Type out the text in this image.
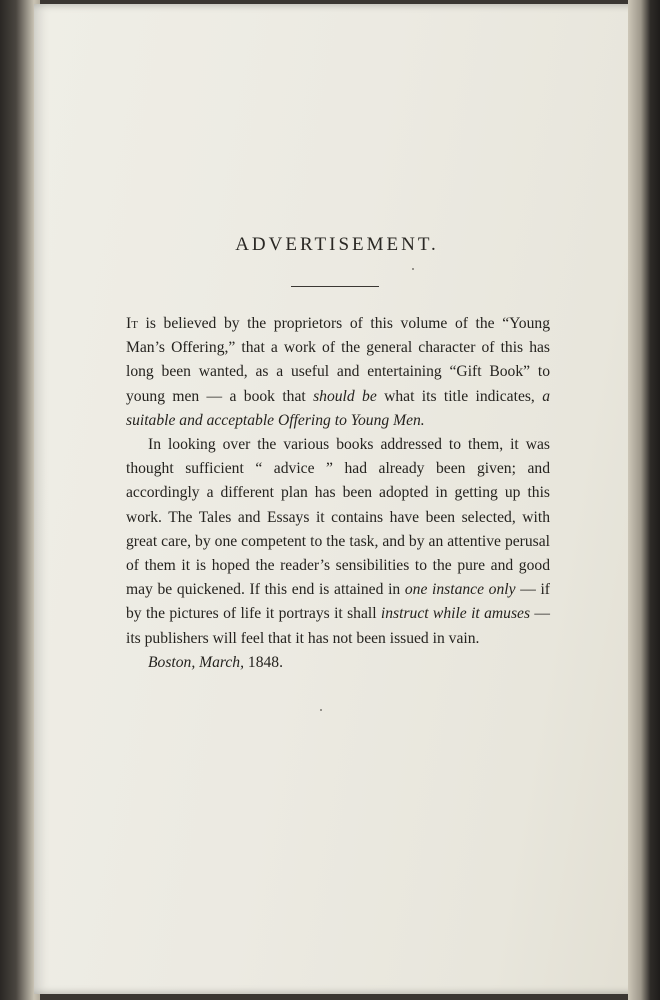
ADVERTISEMENT.

It is believed by the proprietors of this volume of the “Young Man’s Offering,” that a work of the general character of this has long been wanted, as a useful and entertaining “Gift Book” to young men — a book that should be what its title indicates, a suitable and acceptable Offering to Young Men.

In looking over the various books addressed to them, it was thought sufficient “ advice ” had already been given; and accordingly a different plan has been adopted in getting up this work. The Tales and Essays it contains have been selected, with great care, by one competent to the task, and by an attentive perusal of them it is hoped the reader’s sensibilities to the pure and good may be quickened. If this end is attained in one instance only — if by the pictures of life it portrays it shall instruct while it amuses — its publishers will feel that it has not been issued in vain.

Boston, March, 1848.
